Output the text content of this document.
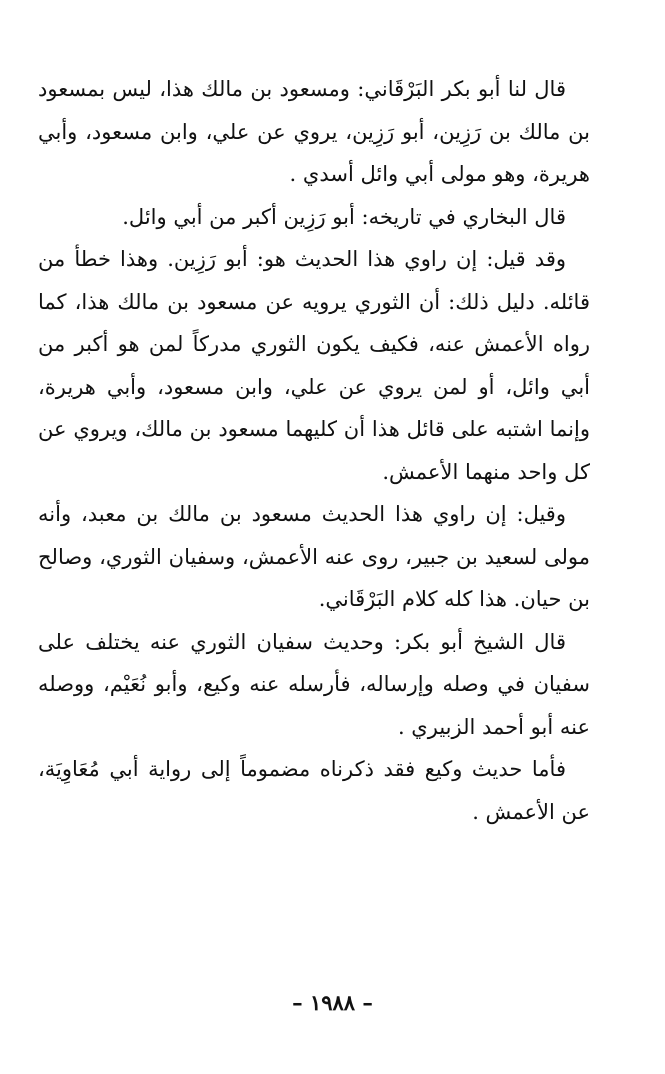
قال لنا أبو بكر البَرْقَاني: ومسعود بن مالك هذا، ليس بمسعود بن مالك بن رَزِين، أبو رَزِين، يروي عن علي، وابن مسعود، وأبي هريرة، وهو مولى أبي وائل أسدي .

قال البخاري في تاريخه: أبو رَزِين أكبر من أبي وائل.

وقد قيل: إن راوي هذا الحديث هو: أبو رَزِين. وهذا خطأ من قائله. دليل ذلك: أن الثوري يرويه عن مسعود بن مالك هذا، كما رواه الأعمش عنه، فكيف يكون الثوري مدركاً لمن هو أكبر من أبي وائل، أو لمن يروي عن علي، وابن مسعود، وأبي هريرة، وإنما اشتبه على قائل هذا أن كليهما مسعود بن مالك، ويروي عن كل واحد منهما الأعمش.

وقيل: إن راوي هذا الحديث مسعود بن مالك بن معبد، وأنه مولى لسعيد بن جبير، روى عنه الأعمش، وسفيان الثوري، وصالح بن حيان. هذا كله كلام البَرْقَاني.

قال الشيخ أبو بكر: وحديث سفيان الثوري عنه يختلف على سفيان في وصله وإرساله، فأرسله عنه وكيع، وأبو نُعَيْم، ووصله عنه أبو أحمد الزبيري .

فأما حديث وكيع فقد ذكرناه مضموماً إلى رواية أبي مُعَاوِيَة، عن الأعمش .

– ١٩٨٨ –
